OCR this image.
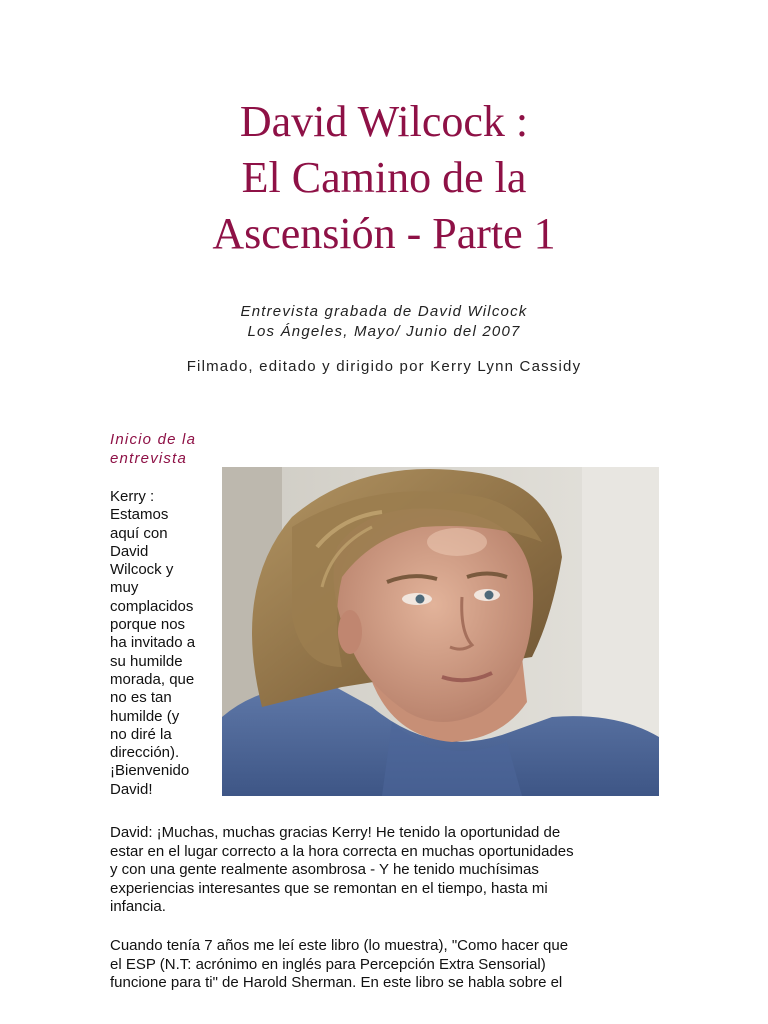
David Wilcock :
El Camino de la
Ascensión - Parte 1
Entrevista grabada de David Wilcock
Los Ángeles, Mayo/ Junio del 2007
Filmado, editado y dirigido por Kerry Lynn Cassidy
Inicio de la
entrevista
Kerry :
Estamos
aquí con
David
Wilcock y
muy
complacidos
porque nos
ha invitado a
su humilde
morada, que
no es tan
humilde (y
no diré la
dirección).
¡Bienvenido
David!
David: ¡Muchas, muchas gracias Kerry! He tenido la oportunidad de
estar en el lugar correcto a la hora correcta en muchas oportunidades
y con una gente realmente asombrosa - Y he tenido muchísimas
experiencias interesantes que se remontan en el tiempo, hasta mi
infancia.
Cuando tenía 7 años me leí este libro (lo muestra), "Como hacer que
el ESP (N.T: acrónimo en inglés para Percepción Extra Sensorial)
funcione para ti" de Harold Sherman. En este libro se habla sobre el
